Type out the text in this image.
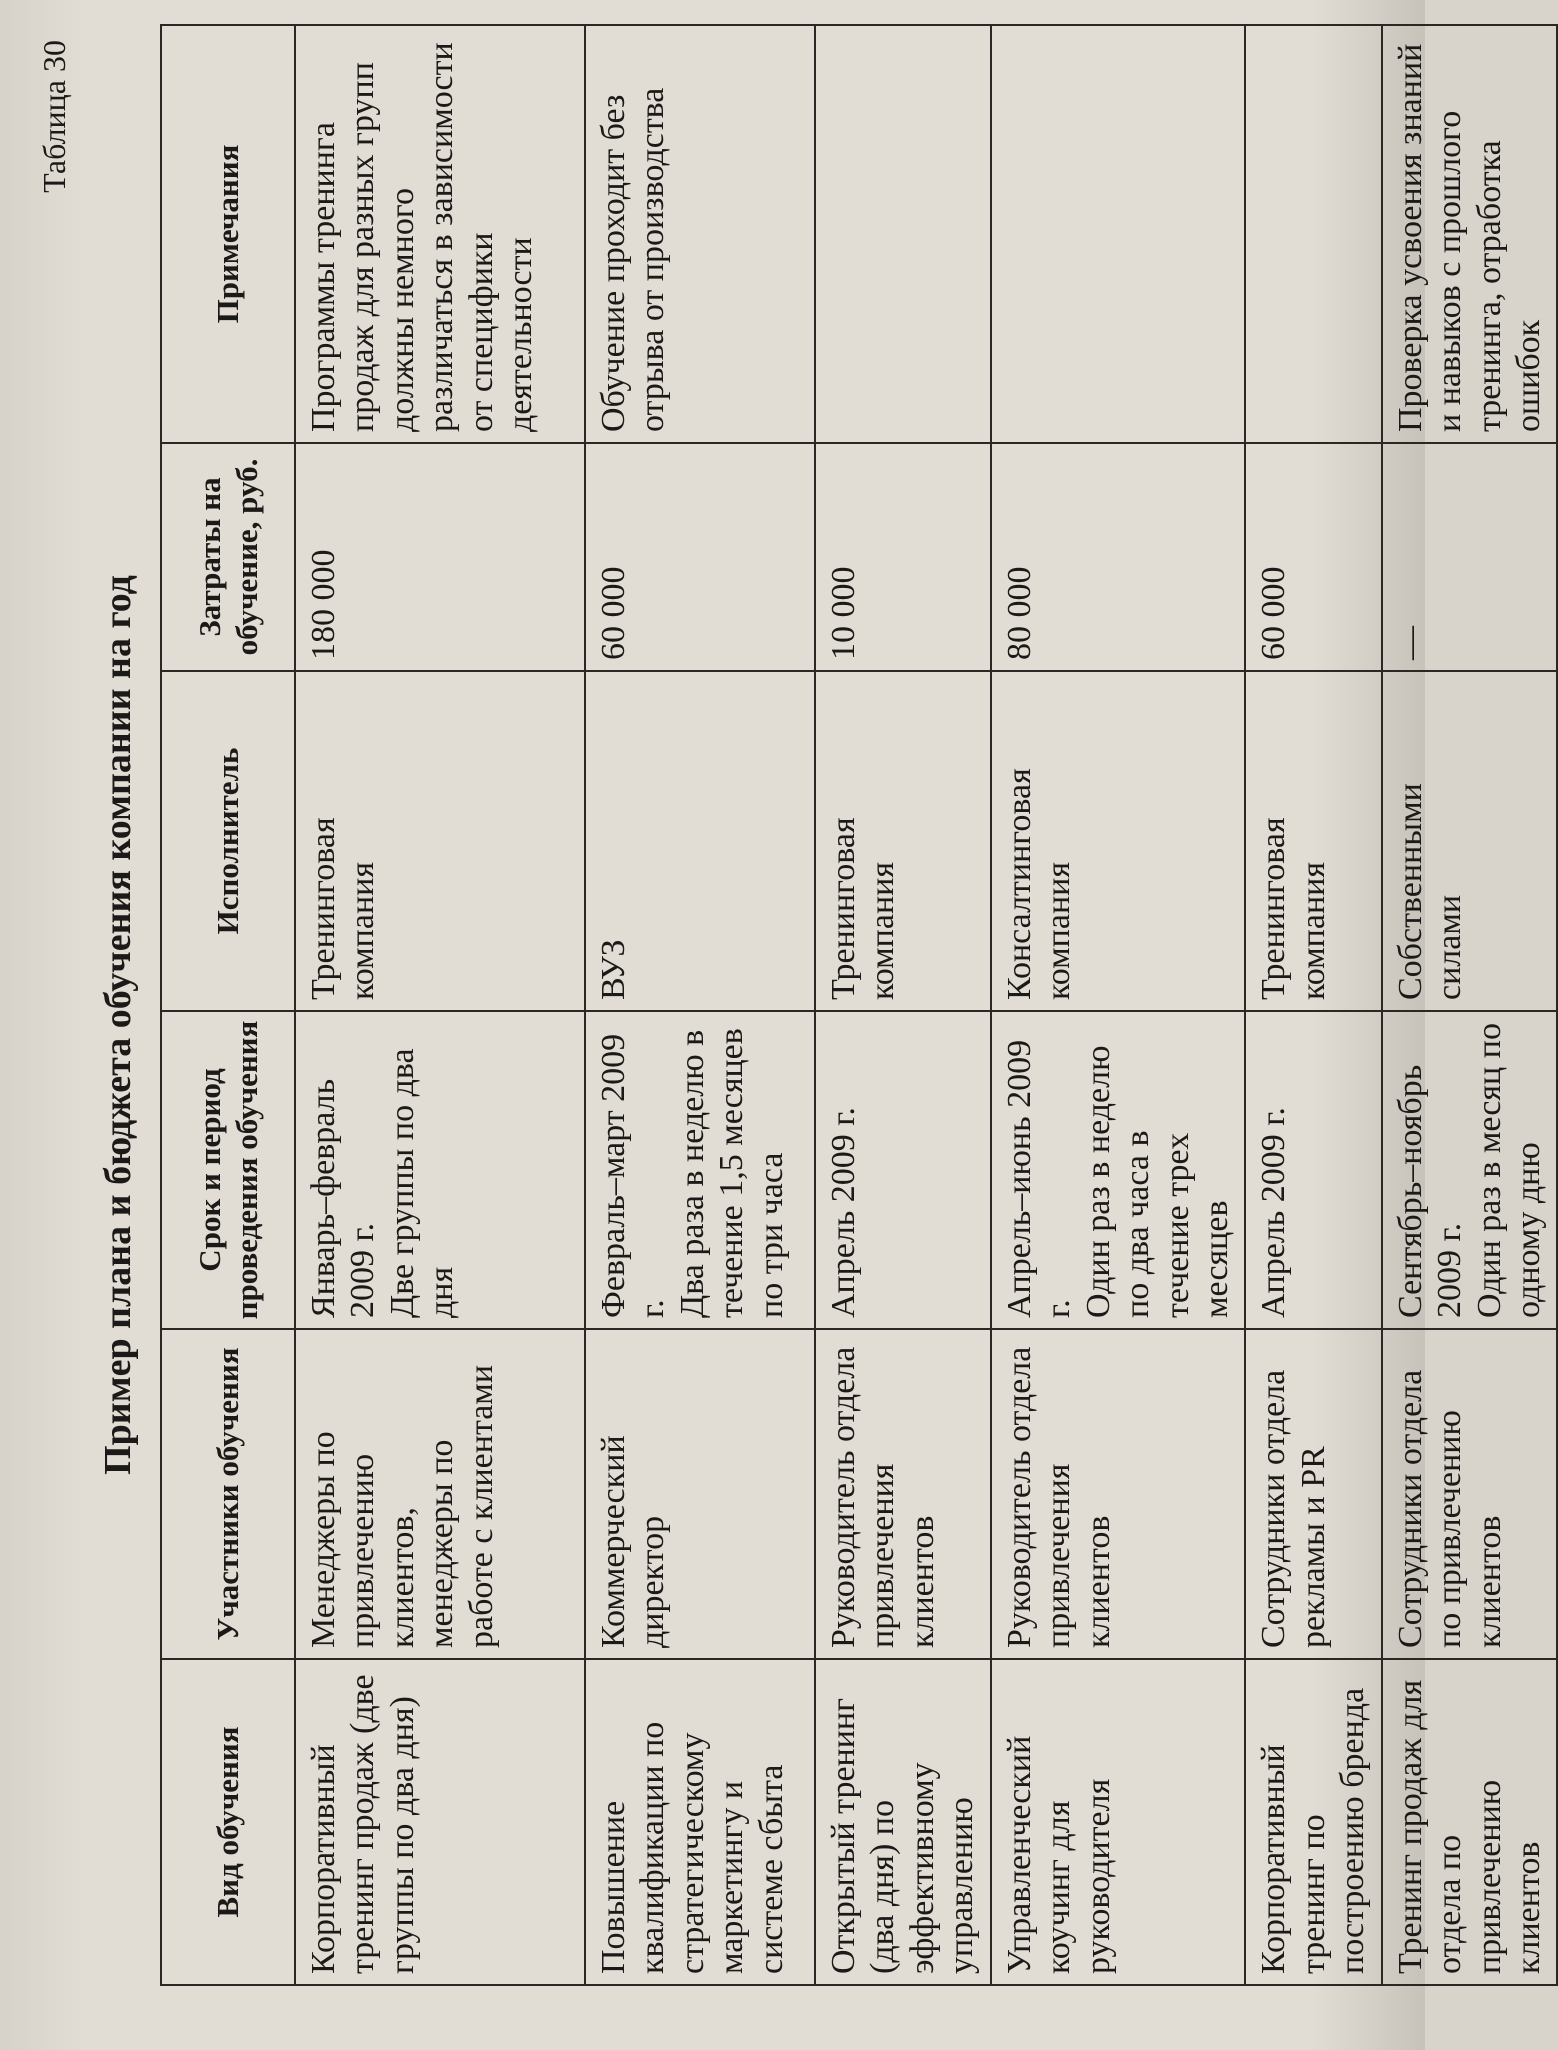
Таблица 30
Пример плана и бюджета обучения компании на год
Вид обучения	Участники обучения	Срок и период проведения обучения	Исполнитель	Затраты на обучение, руб.	Примечания
Корпоративный тренинг продаж (две группы по два дня)	Менеджеры по привлечению клиентов, менеджеры по работе с клиентами	Январь–февраль 2009 г. Две группы по два дня	Тренинговая компания	180 000	Программы тренинга продаж для разных групп должны немного различаться в зависимости от специфики деятельности
Повышение квалификации по стратегическому маркетингу и системе сбыта	Коммерческий директор	Февраль–март 2009 г. Два раза в неделю в течение 1,5 месяцев по три часа	ВУЗ	60 000	Обучение проходит без отрыва от производства
Открытый тренинг (два дня) по эффективному управлению	Руководитель отдела привлечения клиентов	Апрель 2009 г.	Тренинговая компания	10 000	
Управленческий коучинг для руководителя	Руководитель отдела привлечения клиентов	Апрель–июнь 2009 г. Один раз в неделю по два часа в течение трех месяцев	Консалтинговая компания	80 000	
Корпоративный тренинг по построению бренда	Сотрудники отдела рекламы и PR	Апрель 2009 г.	Тренинговая компания	60 000	
Тренинг продаж для отдела по привлечению клиентов	Сотрудники отдела по привлечению клиентов	Сентябрь–ноябрь 2009 г. Один раз в месяц по одному дню	Собственными силами	—	Проверка усвоения знаний и навыков с прошлого тренинга, отработка ошибок
